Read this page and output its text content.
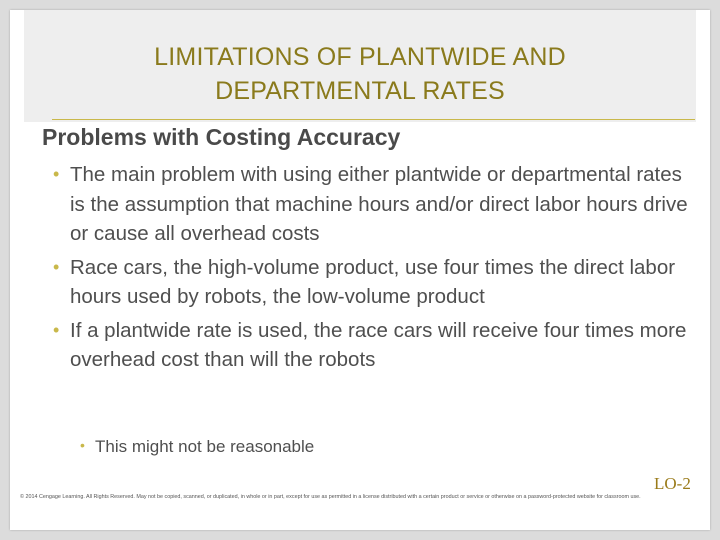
LIMITATIONS OF PLANTWIDE AND
DEPARTMENTAL RATES
Problems with Costing Accuracy
• The main problem with using either plantwide or departmental rates is the assumption that machine hours and/or direct labor hours drive or cause all overhead costs
• Race cars, the high-volume product, use four times the direct labor hours used by robots, the low-volume product
• If a plantwide rate is used, the race cars will receive four times more overhead cost than will the robots
• This might not be reasonable
LO-2
© 2014 Cengage Learning. All Rights Reserved. May not be copied, scanned, or duplicated, in whole or in part, except for use as permitted in a license distributed with a certain product or service or otherwise on a password-protected website for classroom use.
